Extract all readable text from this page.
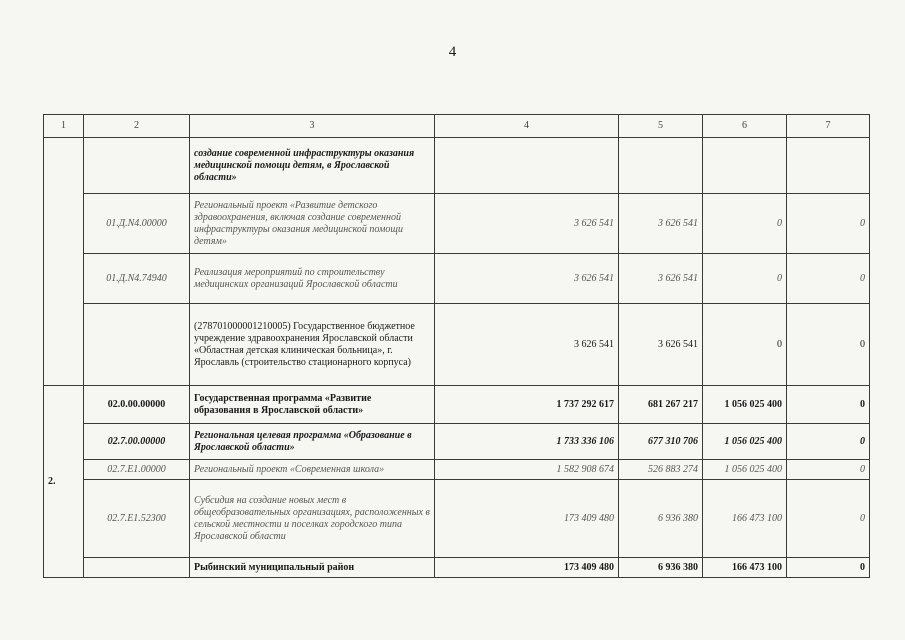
4
1	2	3	4	5	6	7
		создание современной инфраструктуры оказания медицинской помощи детям, в Ярославской области»				
	01.Д.N4.00000	Региональный проект «Развитие детского здравоохранения, включая создание современной инфраструктуры оказания медицинской помощи детям»	3 626 541	3 626 541	0	0
	01.Д.N4.74940	Реализация мероприятий по строительству медицинских организаций Ярославской области	3 626 541	3 626 541	0	0
		(278701000001210005) Государственное бюджетное учреждение здравоохранения Ярославской области «Областная детская клиническая больница», г. Ярославль (строительство стационарного корпуса)	3 626 541	3 626 541	0	0
2.	02.0.00.00000	Государственная программа «Развитие образования в Ярославской области»	1 737 292 617	681 267 217	1 056 025 400	0
	02.7.00.00000	Региональная целевая программа «Образование в Ярославской области»	1 733 336 106	677 310 706	1 056 025 400	0
	02.7.E1.00000	Региональный проект «Современная школа»	1 582 908 674	526 883 274	1 056 025 400	0
	02.7.E1.52300	Субсидия на создание новых мест в общеобразовательных организациях, расположенных в сельской местности и поселках городского типа Ярославской области	173 409 480	6 936 380	166 473 100	0
		Рыбинский муниципальный район	173 409 480	6 936 380	166 473 100	0
